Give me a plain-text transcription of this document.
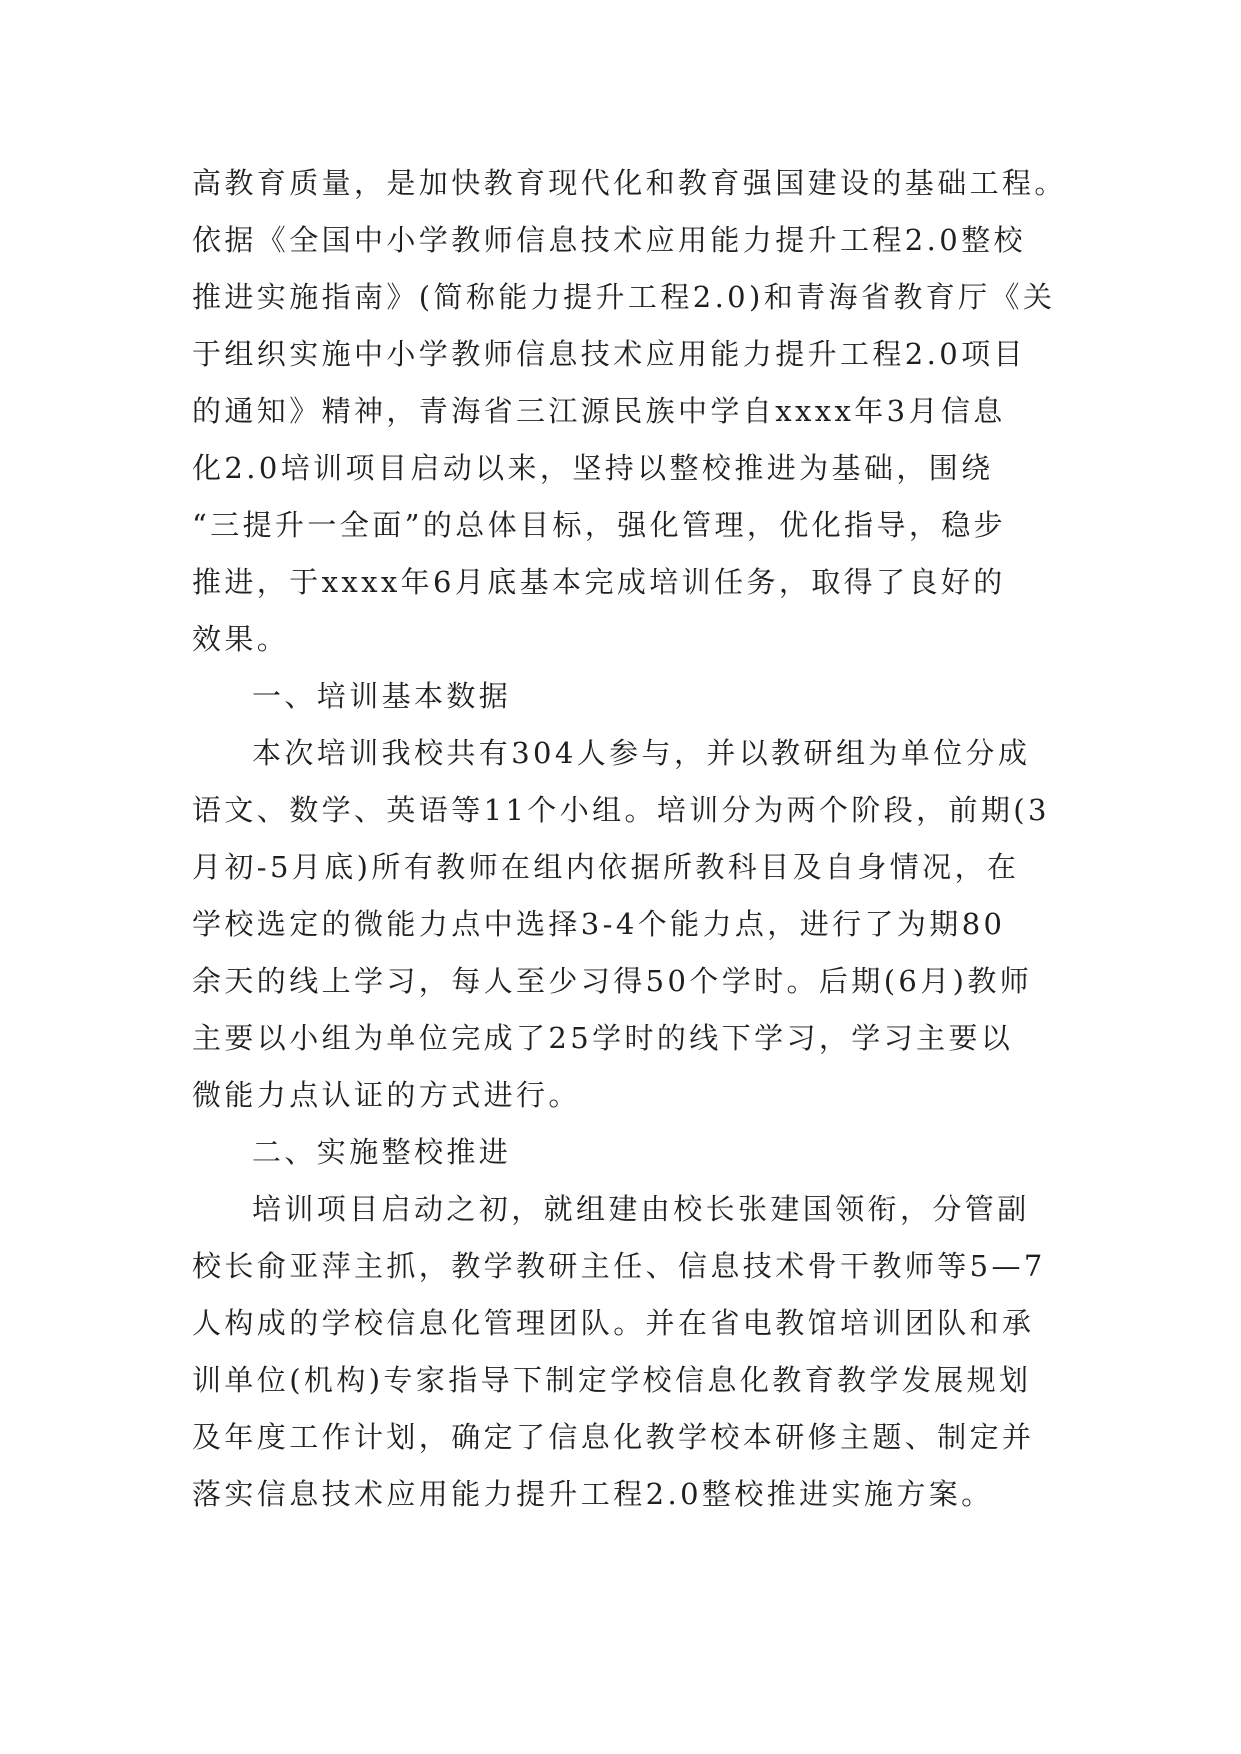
高教育质量，是加快教育现代化和教育强国建设的基础工程。
依据《全国中小学教师信息技术应用能力提升工程2.0整校
推进实施指南》(简称能力提升工程2.0)和青海省教育厅《关
于组织实施中小学教师信息技术应用能力提升工程2.0项目
的通知》精神，青海省三江源民族中学自xxxx年3月信息
化2.0培训项目启动以来，坚持以整校推进为基础，围绕
“三提升一全面”的总体目标，强化管理，优化指导，稳步
推进，于xxxx年6月底基本完成培训任务，取得了良好的
效果。
一、培训基本数据
本次培训我校共有304人参与，并以教研组为单位分成
语文、数学、英语等11个小组。培训分为两个阶段，前期(3
月初-5月底)所有教师在组内依据所教科目及自身情况，在
学校选定的微能力点中选择3-4个能力点，进行了为期80
余天的线上学习，每人至少习得50个学时。后期(6月)教师
主要以小组为单位完成了25学时的线下学习，学习主要以
微能力点认证的方式进行。
二、实施整校推进
培训项目启动之初，就组建由校长张建国领衔，分管副
校长俞亚萍主抓，教学教研主任、信息技术骨干教师等5—7
人构成的学校信息化管理团队。并在省电教馆培训团队和承
训单位(机构)专家指导下制定学校信息化教育教学发展规划
及年度工作计划，确定了信息化教学校本研修主题、制定并
落实信息技术应用能力提升工程2.0整校推进实施方案。
